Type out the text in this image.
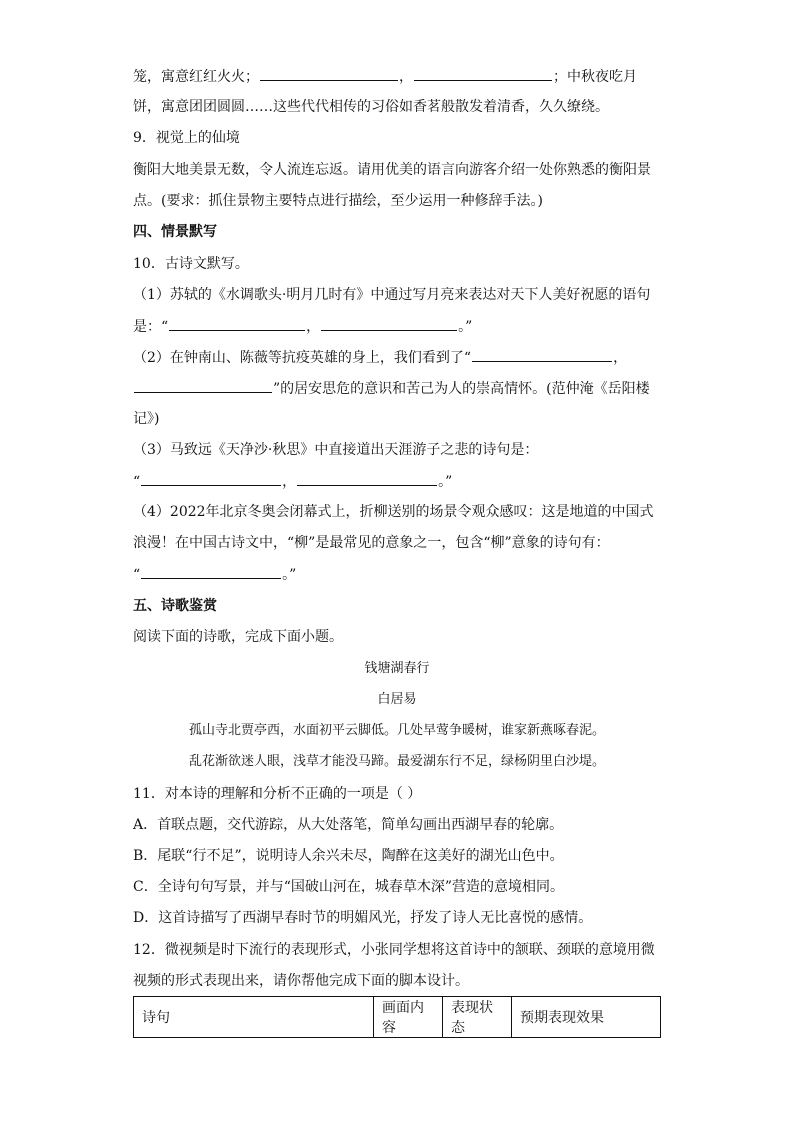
笼，寓意红红火火；	，	；中秋夜吃月
饼，寓意团团圆圆……这些代代相传的习俗如香茗般散发着清香，久久缭绕。
9．视觉上的仙境
衡阳大地美景无数，令人流连忘返。请用优美的语言向游客介绍一处你熟悉的衡阳景
点。(要求：抓住景物主要特点进行描绘，至少运用一种修辞手法。)
四、情景默写
10．古诗文默写。
（1）苏轼的《水调歌头·明月几时有》中通过写月亮来表达对天下人美好祝愿的语句
是：“	，	。”
（2）在钟南山、陈薇等抗疫英雄的身上，我们看到了“	，
”的居安思危的意识和苦己为人的崇高情怀。(范仲淹《岳阳楼
记》)
（3）马致远《天净沙·秋思》中直接道出天涯游子之悲的诗句是：
“	，	。”
（4）2022年北京冬奥会闭幕式上，折柳送别的场景令观众感叹：这是地道的中国式
浪漫！在中国古诗文中，“柳”是最常见的意象之一，包含“柳”意象的诗句有：
“	。”
五、诗歌鉴赏
阅读下面的诗歌，完成下面小题。
钱塘湖春行
白居易
孤山寺北贾亭西，水面初平云脚低。几处早莺争暖树，谁家新燕啄春泥。
乱花渐欲迷人眼，浅草才能没马蹄。最爱湖东行不足，绿杨阴里白沙堤。
11．对本诗的理解和分析不正确的一项是（ ）
A．首联点题，交代游踪，从大处落笔，简单勾画出西湖早春的轮廓。
B．尾联“行不足”，说明诗人余兴未尽，陶醉在这美好的湖光山色中。
C．全诗句句写景，并与“国破山河在，城春草木深”营造的意境相同。
D．这首诗描写了西湖早春时节的明媚风光，抒发了诗人无比喜悦的感情。
12．微视频是时下流行的表现形式，小张同学想将这首诗中的颔联、颈联的意境用微
视频的形式表现出来，请你帮他完成下面的脚本设计。
诗句	画面内容	表现状态	预期表现效果
